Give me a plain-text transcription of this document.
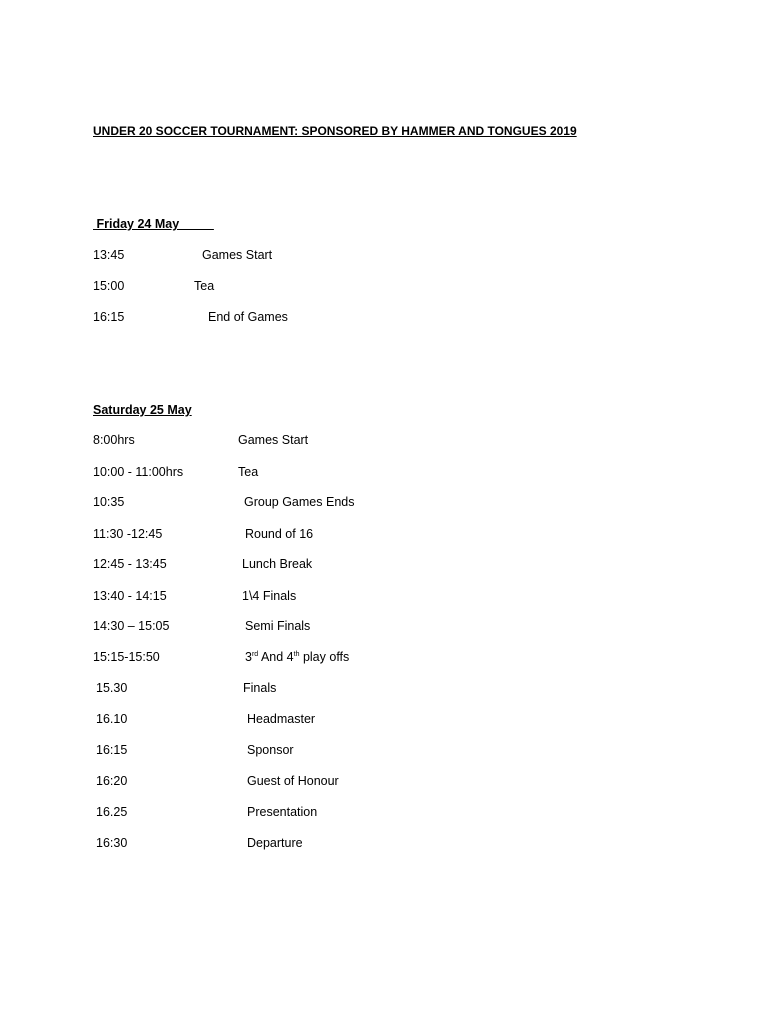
UNDER 20 SOCCER TOURNAMENT: SPONSORED BY HAMMER AND TONGUES 2019
Friday 24 May
13:45	Games Start
15:00	Tea
16:15	End of Games
Saturday 25 May
8:00hrs	Games Start
10:00 - 11:00hrs	Tea
10:35	Group Games Ends
11:30 -12:45	Round of 16
12:45 - 13:45	Lunch Break
13:40 - 14:15	1\4 Finals
14:30 – 15:05	Semi Finals
15:15-15:50	3rd And 4th play offs
15.30	Finals
16.10	Headmaster
16:15	Sponsor
16:20	Guest of Honour
16.25	Presentation
16:30	Departure
